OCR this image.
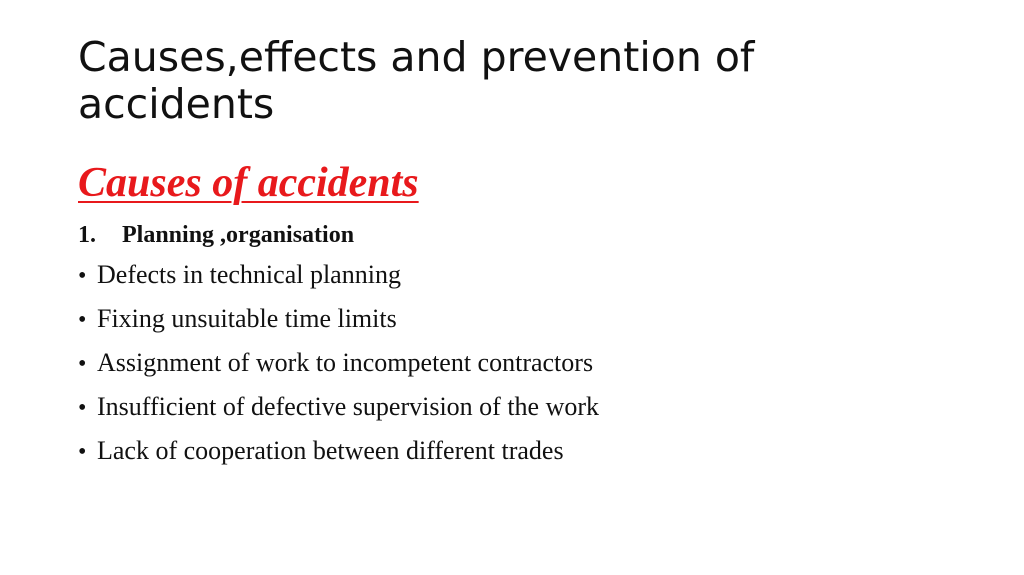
Causes,effects and prevention of accidents
Causes of accidents
1.	Planning ,organisation
• Defects in technical planning
• Fixing unsuitable time limits
• Assignment of work to incompetent contractors
• Insufficient of defective supervision of the work
• Lack of cooperation between different trades
